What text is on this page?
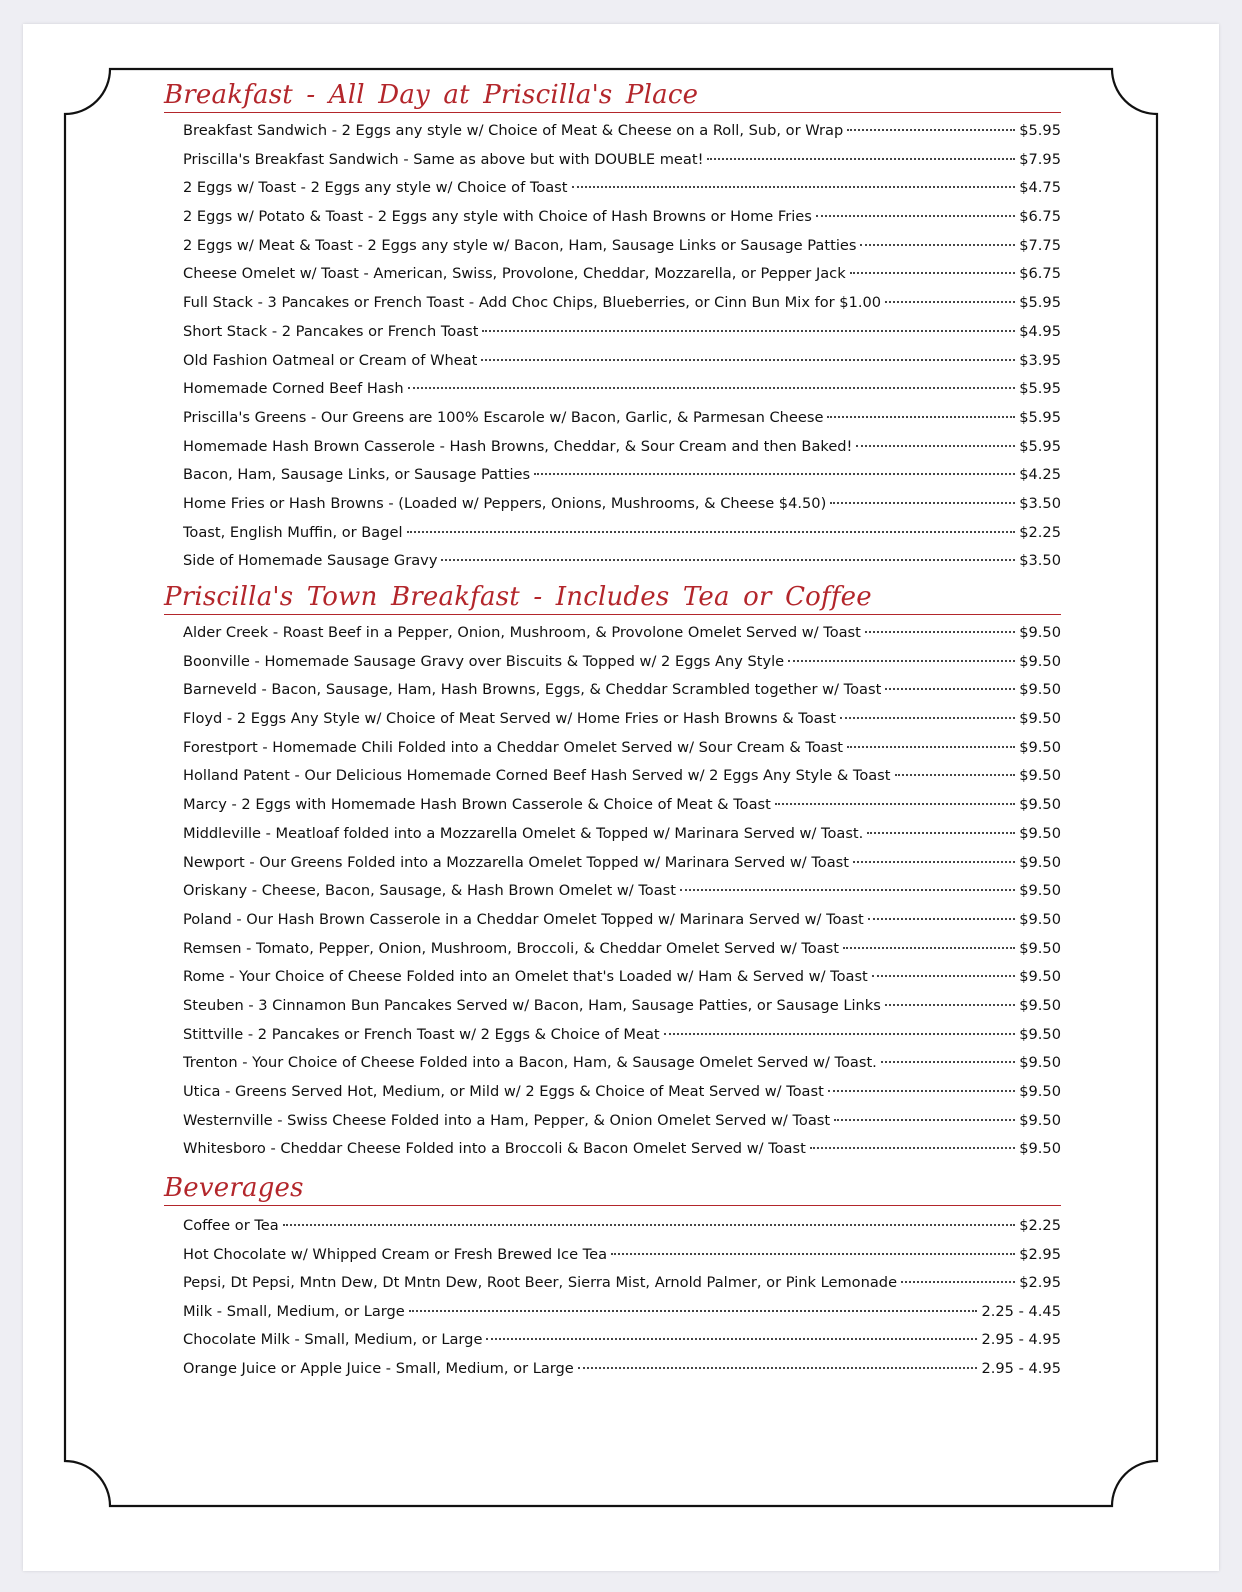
Breakfast - All Day at Priscilla's Place
Breakfast Sandwich - 2 Eggs any style w/ Choice of Meat & Cheese on a Roll, Sub, or Wrap	$5.95
Priscilla's Breakfast Sandwich - Same as above but with DOUBLE meat!	$7.95
2 Eggs w/ Toast - 2 Eggs any style w/ Choice of Toast	$4.75
2 Eggs w/ Potato & Toast - 2 Eggs any style with Choice of Hash Browns or Home Fries	$6.75
2 Eggs w/ Meat & Toast - 2 Eggs any style w/ Bacon, Ham, Sausage Links or Sausage Patties	$7.75
Cheese Omelet w/ Toast - American, Swiss, Provolone, Cheddar, Mozzarella, or Pepper Jack	$6.75
Full Stack - 3 Pancakes or French Toast - Add Choc Chips, Blueberries, or Cinn Bun Mix for $1.00	$5.95
Short Stack - 2 Pancakes or French Toast	$4.95
Old Fashion Oatmeal or Cream of Wheat	$3.95
Homemade Corned Beef Hash	$5.95
Priscilla's Greens - Our Greens are 100% Escarole w/ Bacon, Garlic, & Parmesan Cheese	$5.95
Homemade Hash Brown Casserole - Hash Browns, Cheddar, & Sour Cream and then Baked!	$5.95
Bacon, Ham, Sausage Links, or Sausage Patties	$4.25
Home Fries or Hash Browns - (Loaded w/ Peppers, Onions, Mushrooms, & Cheese $4.50)	$3.50
Toast, English Muffin, or Bagel	$2.25
Side of Homemade Sausage Gravy	$3.50
Priscilla's Town Breakfast - Includes Tea or Coffee
Alder Creek - Roast Beef in a Pepper, Onion, Mushroom, & Provolone Omelet Served w/ Toast	$9.50
Boonville - Homemade Sausage Gravy over Biscuits & Topped w/ 2 Eggs Any Style	$9.50
Barneveld - Bacon, Sausage, Ham, Hash Browns, Eggs, & Cheddar Scrambled together w/ Toast	$9.50
Floyd - 2 Eggs Any Style w/ Choice of Meat Served w/ Home Fries or Hash Browns & Toast	$9.50
Forestport - Homemade Chili Folded into a Cheddar Omelet Served w/ Sour Cream & Toast	$9.50
Holland Patent - Our Delicious Homemade Corned Beef Hash Served w/ 2 Eggs Any Style & Toast	$9.50
Marcy - 2 Eggs with Homemade Hash Brown Casserole & Choice of Meat & Toast	$9.50
Middleville - Meatloaf folded into a Mozzarella Omelet & Topped w/ Marinara Served w/ Toast.	$9.50
Newport - Our Greens Folded into a Mozzarella Omelet Topped w/ Marinara Served w/ Toast	$9.50
Oriskany - Cheese, Bacon, Sausage, & Hash Brown Omelet w/ Toast	$9.50
Poland - Our Hash Brown Casserole in a Cheddar Omelet Topped w/ Marinara Served w/ Toast	$9.50
Remsen - Tomato, Pepper, Onion, Mushroom, Broccoli, & Cheddar Omelet Served w/ Toast	$9.50
Rome - Your Choice of Cheese Folded into an Omelet that's Loaded w/ Ham & Served w/ Toast	$9.50
Steuben - 3 Cinnamon Bun Pancakes Served w/ Bacon, Ham, Sausage Patties, or Sausage Links	$9.50
Stittville - 2 Pancakes or French Toast w/ 2 Eggs & Choice of Meat	$9.50
Trenton - Your Choice of Cheese Folded into a Bacon, Ham, & Sausage Omelet Served w/ Toast.	$9.50
Utica - Greens Served Hot, Medium, or Mild w/ 2 Eggs & Choice of Meat Served w/ Toast	$9.50
Westernville - Swiss Cheese Folded into a Ham, Pepper, & Onion Omelet Served w/ Toast	$9.50
Whitesboro - Cheddar Cheese Folded into a Broccoli & Bacon Omelet Served w/ Toast	$9.50
Beverages
Coffee or Tea	$2.25
Hot Chocolate w/ Whipped Cream or Fresh Brewed Ice Tea	$2.95
Pepsi, Dt Pepsi, Mntn Dew, Dt Mntn Dew, Root Beer, Sierra Mist, Arnold Palmer, or Pink Lemonade	$2.95
Milk - Small, Medium, or Large	2.25 - 4.45
Chocolate Milk - Small, Medium, or Large	2.95 - 4.95
Orange Juice or Apple Juice - Small, Medium, or Large	2.95 - 4.95
